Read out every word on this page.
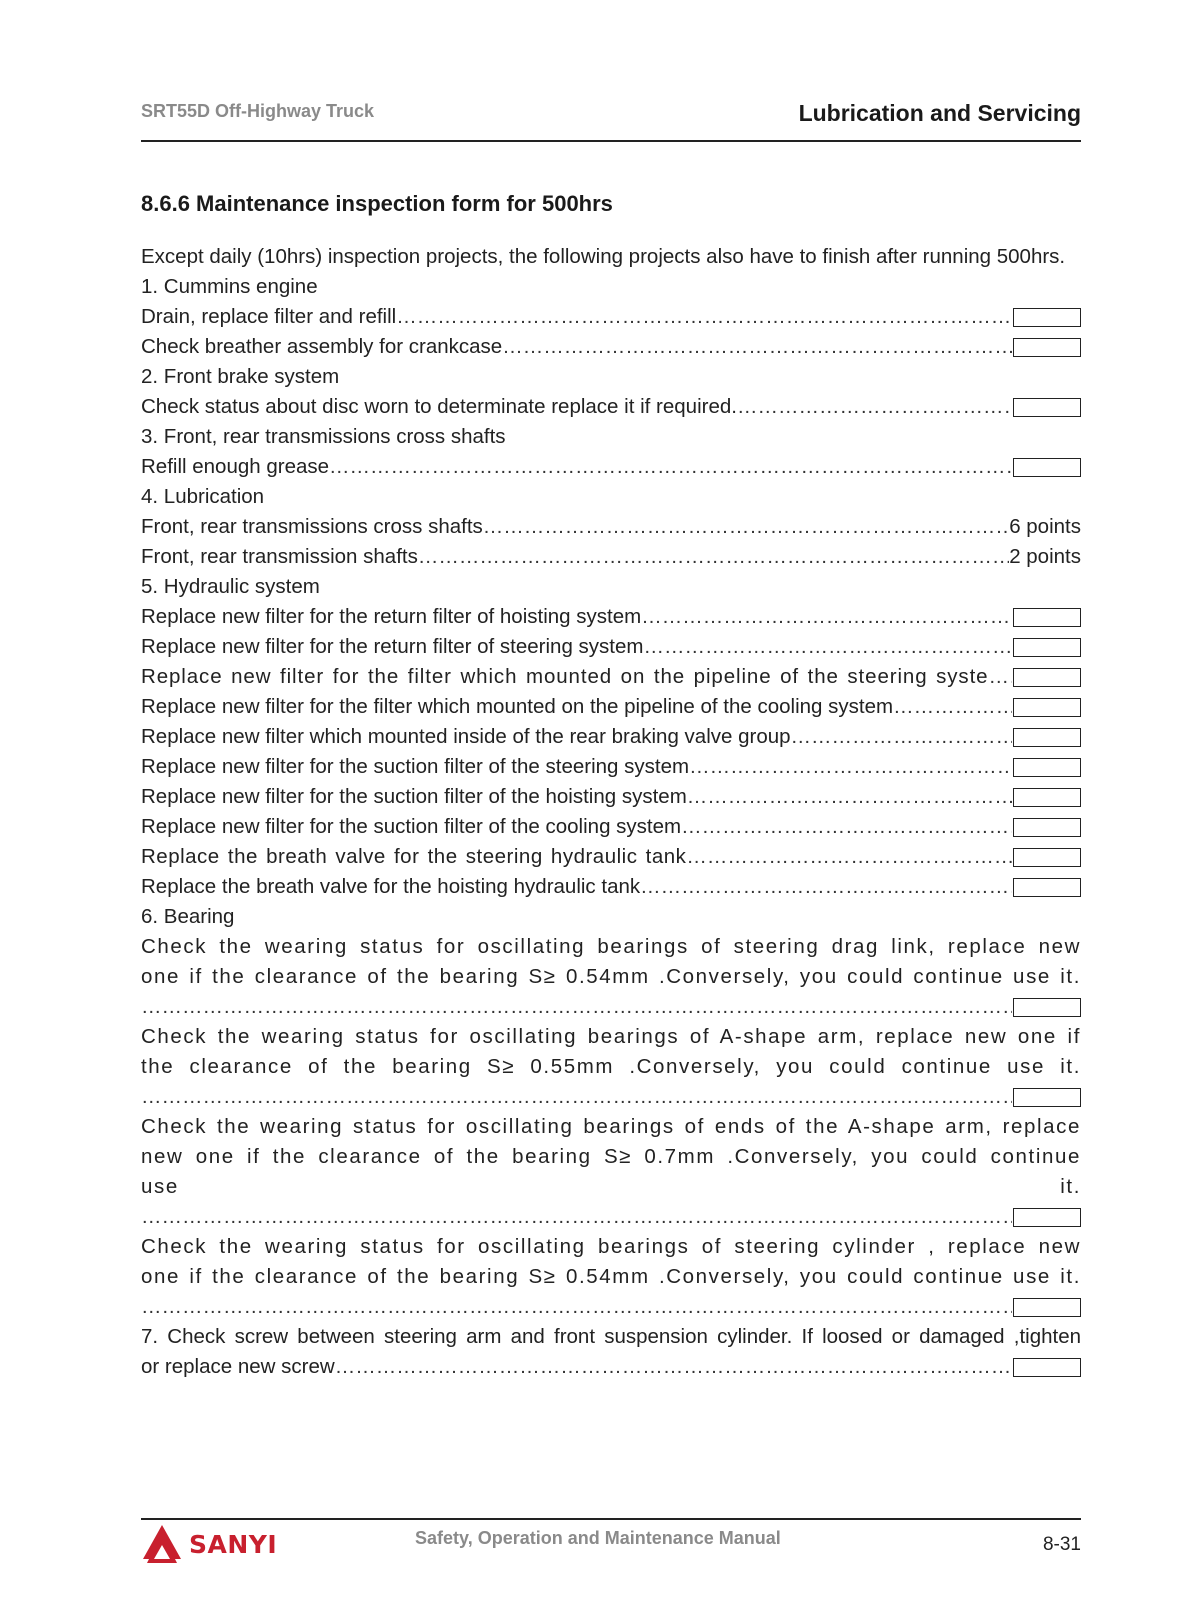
SRT55D Off-Highway Truck	Lubrication and Servicing
8.6.6 Maintenance inspection form for 500hrs

Except daily (10hrs) inspection projects, the following projects also have to finish after running 500hrs.

1. Cummins engine
Drain, replace filter and refill
……………………………………………………………………………………………………………………………………………………………………………………………………
Check breather assembly for crankcase
……………………………………………………………………………………………………………………………………………………………………………………………………
2. Front brake system
Check status about disc worn to determinate replace it if required.
……………………………………………………………………………………………………………………………………………………………………………………………………
3. Front, rear transmissions cross shafts
Refill enough grease
……………………………………………………………………………………………………………………………………………………………………………………………………
4. Lubrication
Front, rear transmissions cross shafts ……………………………………………………………………………………………………………………………………………………………………………………………………	6 points
Front, rear transmission shafts ……………………………………………………………………………………………………………………………………………………………………………………………………	2 points
5. Hydraulic system
Replace new filter for the return filter of hoisting system
……………………………………………………………………………………………………………………………………………………………………………………………………
Replace new filter for the return filter of steering system
……………………………………………………………………………………………………………………………………………………………………………………………………
Replace new filter for the filter which mounted on the pipeline of the steering syste
……………………………………………………………………………………………………………………………………………………………………………………………………
Replace new filter for the filter which mounted on the pipeline of the cooling system
……………………………………………………………………………………………………………………………………………………………………………………………………
Replace new filter which mounted inside of the rear braking valve group
……………………………………………………………………………………………………………………………………………………………………………………………………
Replace new filter for the suction filter of the steering system
……………………………………………………………………………………………………………………………………………………………………………………………………
Replace new filter for the suction filter of the hoisting system
……………………………………………………………………………………………………………………………………………………………………………………………………
Replace new filter for the suction filter of the cooling system
……………………………………………………………………………………………………………………………………………………………………………………………………
Replace the breath valve for the steering hydraulic tank
……………………………………………………………………………………………………………………………………………………………………………………………………
Replace the breath valve for the hoisting hydraulic tank
……………………………………………………………………………………………………………………………………………………………………………………………………
6. Bearing

Check the wearing status for oscillating bearings of steering drag link, replace new one if the clearance of the bearing S≥ 0.54mm .Conversely, you could continue use it.

……………………………………………………………………………………………………………………………………………………………………………………………………

Check the wearing status for oscillating bearings of A-shape arm, replace new one if the clearance of the bearing S≥ 0.55mm .Conversely, you could continue use it.

……………………………………………………………………………………………………………………………………………………………………………………………………

Check the wearing status for oscillating bearings of ends of the A-shape arm, replace new one if the clearance of the bearing S≥ 0.7mm .Conversely, you could continue use it.

……………………………………………………………………………………………………………………………………………………………………………………………………

Check the wearing status for oscillating bearings of steering cylinder , replace new one if the clearance of the bearing S≥ 0.54mm .Conversely, you could continue use it.

……………………………………………………………………………………………………………………………………………………………………………………………………

7. Check screw between steering arm and front suspension cylinder. If loosed or damaged ,tighten

or replace new screw
……………………………………………………………………………………………………………………………………………………………………………………………………
SANYI	Safety, Operation and Maintenance Manual	8-31
